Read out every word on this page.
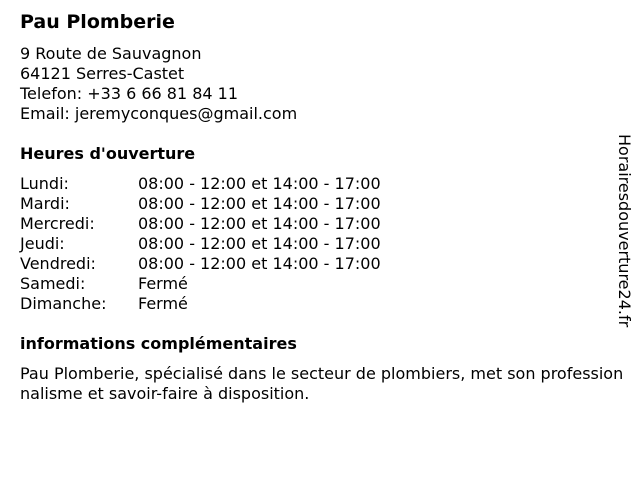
Pau Plomberie
9 Route de Sauvagnon
64121 Serres-Castet
Telefon: +33 6 66 81 84 11
Email: jeremyconques@gmail.com
Heures d'ouverture
Lundi:	08:00 - 12:00 et 14:00 - 17:00
Mardi:	08:00 - 12:00 et 14:00 - 17:00
Mercredi:	08:00 - 12:00 et 14:00 - 17:00
Jeudi:	08:00 - 12:00 et 14:00 - 17:00
Vendredi:	08:00 - 12:00 et 14:00 - 17:00
Samedi:	Fermé
Dimanche: Fermé
informations complémentaires
Pau Plomberie, spécialisé dans le secteur de plombiers, met son professionnalisme et savoir-faire à disposition.
Horairesdouverture24.fr
